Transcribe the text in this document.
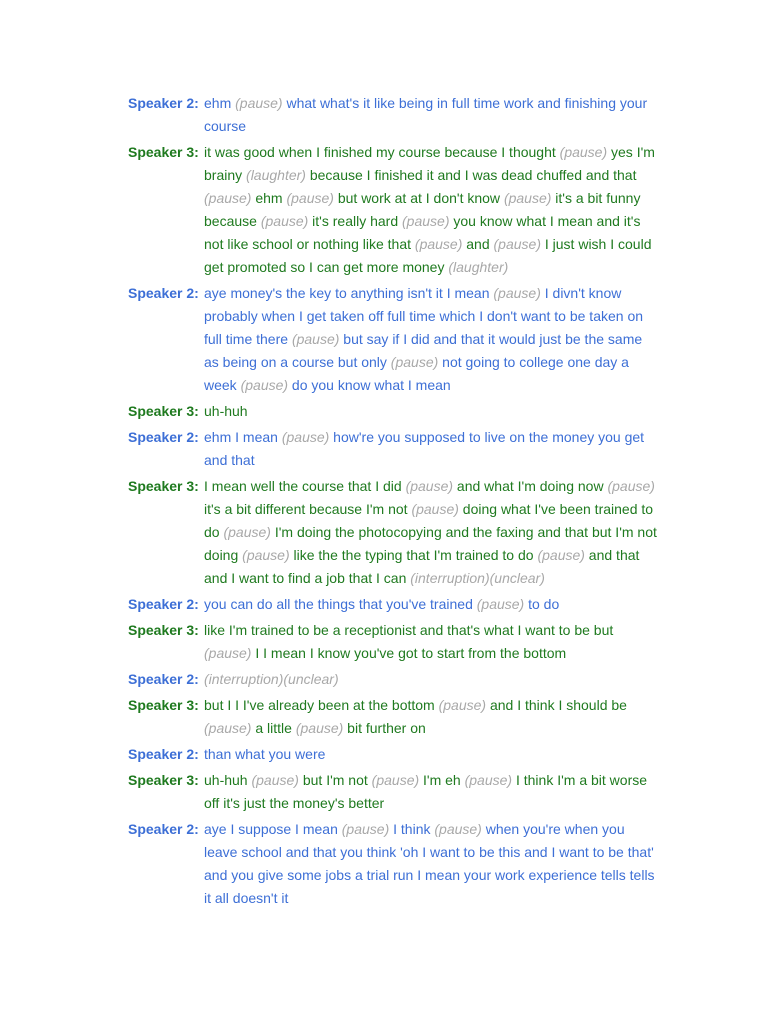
Speaker 2: ehm (pause) what what's it like being in full time work and finishing your course
Speaker 3: it was good when I finished my course because I thought (pause) yes I'm brainy (laughter) because I finished it and I was dead chuffed and that (pause) ehm (pause) but work at at I don't know (pause) it's a bit funny because (pause) it's really hard (pause) you know what I mean and it's not like school or nothing like that (pause) and (pause) I just wish I could get promoted so I can get more money (laughter)
Speaker 2: aye money's the key to anything isn't it I mean (pause) I divn't know probably when I get taken off full time which I don't want to be taken on full time there (pause) but say if I did and that it would just be the same as being on a course but only (pause) not going to college one day a week (pause) do you know what I mean
Speaker 3: uh-huh
Speaker 2: ehm I mean (pause) how're you supposed to live on the money you get and that
Speaker 3: I mean well the course that I did (pause) and what I'm doing now (pause) it's a bit different because I'm not (pause) doing what I've been trained to do (pause) I'm doing the photocopying and the faxing and that but I'm not doing (pause) like the the typing that I'm trained to do (pause) and that and I want to find a job that I can (interruption)(unclear)
Speaker 2: you can do all the things that you've trained (pause) to do
Speaker 3: like I'm trained to be a receptionist and that's what I want to be but (pause) I I mean I know you've got to start from the bottom
Speaker 2: (interruption)(unclear)
Speaker 3: but I I I've already been at the bottom (pause) and I think I should be (pause) a little (pause) bit further on
Speaker 2: than what you were
Speaker 3: uh-huh (pause) but I'm not (pause) I'm eh (pause) I think I'm a bit worse off it's just the money's better
Speaker 2: aye I suppose I mean (pause) I think (pause) when you're when you leave school and that you think 'oh I want to be this and I want to be that' and you give some jobs a trial run I mean your work experience tells tells it all doesn't it
